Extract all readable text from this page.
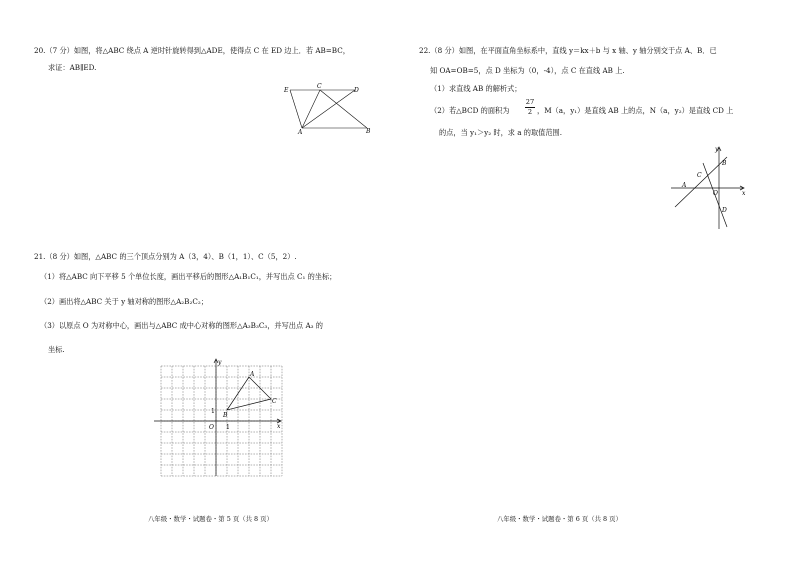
20.（7 分）如图，将△ABC 绕点 A 逆时针旋转得到△ADE，使得点 C 在 ED 边上．若 AB=BC，
求证：AB∥ED.
E
C
D
A	B
21.（8 分）如图，△ABC 的三个顶点分别为 A（3，4）、B（1，1）、C（5，2）.
（1）将△ABC 向下平移 5 个单位长度，画出平移后的图形△A₁B₁C₁，并写出点 C₁ 的坐标；
（2）画出将△ABC 关于 y 轴对称的图形△A₂B₂C₂；
（3）以原点 O 为对称中心，画出与△ABC 成中心对称的图形△A₃B₃C₃，并写出点 A₃ 的
坐标.
y
x
O 1
1
A
B
C
八年级・数学・试题卷・第 5 页（共 8 页）
22.（8 分）如图，在平面直角坐标系中，直线 y＝kx＋b 与 x 轴、y 轴分别交于点 A、B．已
知 OA=OB=5，点 D 坐标为（0，-4），点 C 在直线 AB 上.
（1）求直线 AB 的解析式；
（2）若△BCD 的面积为
27
2 ，M（a，y₁）是直线 AB 上的点，N（a，y₂）是直线 CD 上
的点，当 y₁＞y₂ 时，求 a 的取值范围.
y
x
B
C
A
O
D
八年级・数学・试题卷・第 6 页（共 8 页）
